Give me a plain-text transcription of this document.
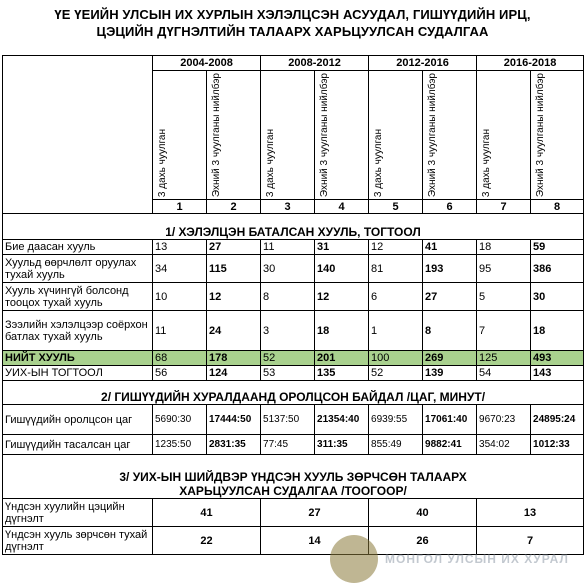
ҮЕ ҮЕИЙН УЛСЫН ИХ ХУРЛЫН ХЭЛЭЛЦСЭН АСУУДАЛ, ГИШҮҮДИЙН ИРЦ,
ЦЭЦИЙН ДҮГНЭЛТИЙН ТАЛААРХ ХАРЬЦУУЛСАН СУДАЛГАА
	2004-2008		2008-2012		2012-2016		2016-2018	

	3 дахь чуулган	Эхний 3 чуулганы нийлбэр	3 дахь чуулган	Эхний 3 чуулганы нийлбэр	3 дахь чуулган	Эхний 3 чуулганы нийлбэр	3 дахь чуулган	Эхний 3 чуулганы нийлбэр

	1	2	3	4	5	6	7	8
1/ ХЭЛЭЛЦЭН БАТАЛСАН ХУУЛЬ, ТОГТООЛ								
Бие даасан хууль	13	27	11	31	12	41	18	59
Хуульд өөрчлөлт оруулах тухай хууль	34	115	30	140	81	193	95	386
Хууль хүчингүй болсонд тооцох тухай хууль	10	12	8	12	6	27	5	30
Зээлийн хэлэлцээр соёрхон батлах тухай хууль	11	24	3	18	1	8	7	18
НИЙТ ХУУЛЬ	68	178	52	201	100	269	125	493
УИХ-ЫН ТОГТООЛ	56	124	53	135	52	139	54	143
2/ ГИШҮҮДИЙН ХУРАЛДААНД ОРОЛЦСОН БАЙДАЛ /ЦАГ, МИНУТ/								
Гишүүдийн оролцсон цаг	5690:30	17444:50	5137:50	21354:40	6939:55	17061:40	9670:23	24895:24
Гишүүдийн тасалсан цаг	1235:50	2831:35	77:45	311:35	855:49	9882:41	354:02	1012:33

3/ УИХ-ЫН ШИЙДВЭР ҮНДСЭН ХУУЛЬ ЗӨРЧСӨН ТАЛААРХ
ХАРЬЦУУЛСАН СУДАЛГАА /ТООГООР/								

Үндсэн хуулийн цэцийн дүгнэлт	41		27		40		13	
Үндсэн хууль зөрчсөн тухай дүгнэлт	22		14		26		7	
МОНГОЛ УЛСЫН ИХ ХУРАЛ
